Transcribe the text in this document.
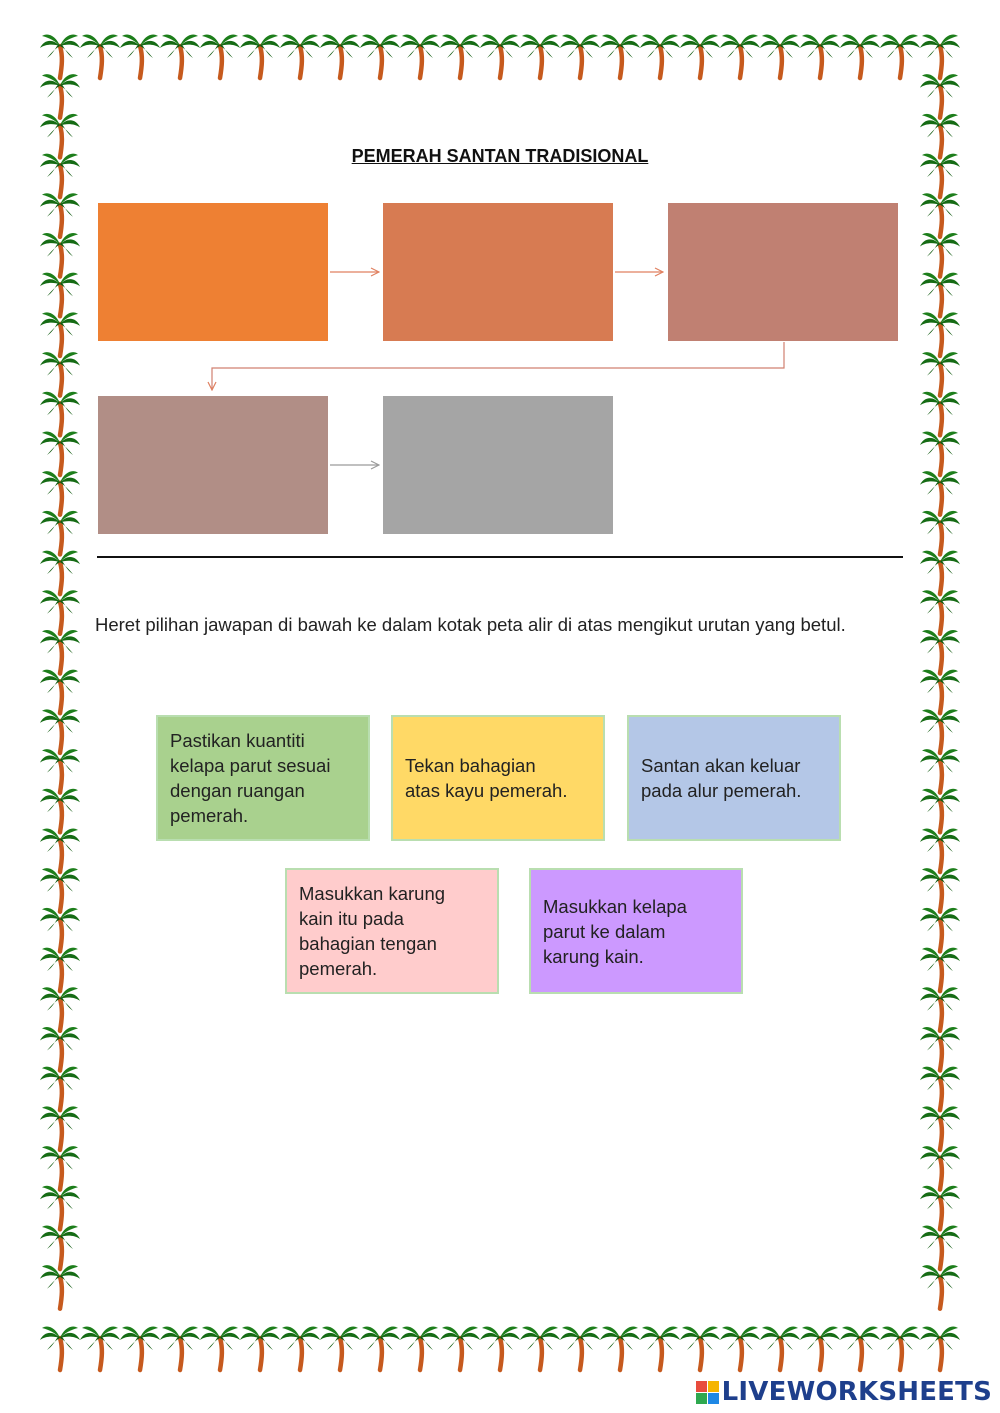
PEMERAH SANTAN TRADISIONAL
Heret pilihan jawapan di bawah ke dalam kotak peta alir di atas mengikut urutan yang betul.
Pastikan kuantiti
kelapa parut sesuai
dengan ruangan
pemerah.
Tekan bahagian
atas kayu pemerah.
Santan akan keluar
pada alur pemerah.
Masukkan karung
kain itu pada
bahagian tengan
pemerah.
Masukkan kelapa
parut ke dalam
karung kain.
LIVEWORKSHEETS
